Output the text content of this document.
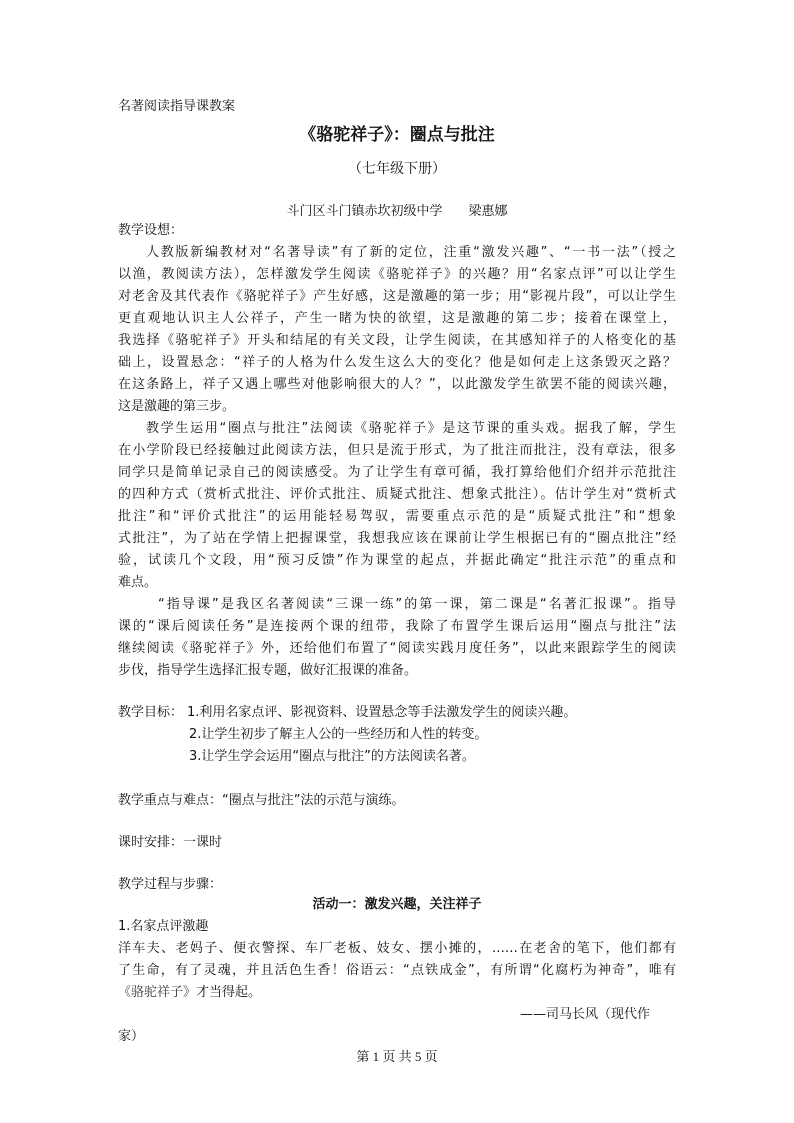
名著阅读指导课教案
《骆驼祥子》：圈点与批注
（七年级下册）
斗门区斗门镇赤坎初级中学　　梁惠娜
教学设想：
人教版新编教材对“名著导读”有了新的定位，注重“激发兴趣”、“一书一法”（授之
以渔，教阅读方法），怎样激发学生阅读《骆驼祥子》的兴趣？用“名家点评”可以让学生
对老舍及其代表作《骆驼祥子》产生好感，这是激趣的第一步；用“影视片段”，可以让学生
更直观地认识主人公祥子，产生一睹为快的欲望，这是激趣的第二步；接着在课堂上，
我选择《骆驼祥子》开头和结尾的有关文段，让学生阅读，在其感知祥子的人格变化的基
础上，设置悬念：“祥子的人格为什么发生这么大的变化？他是如何走上这条毁灭之路？
在这条路上，祥子又遇上哪些对他影响很大的人？”，以此激发学生欲罢不能的阅读兴趣，
这是激趣的第三步。
教学生运用“圈点与批注”法阅读《骆驼祥子》是这节课的重头戏。据我了解，学生
在小学阶段已经接触过此阅读方法，但只是流于形式，为了批注而批注，没有章法，很多
同学只是简单记录自己的阅读感受。为了让学生有章可循，我打算给他们介绍并示范批注
的四种方式（赏析式批注、评价式批注、质疑式批注、想象式批注）。估计学生对“赏析式
批注”和“评价式批注”的运用能轻易驾驭，需要重点示范的是“质疑式批注”和“想象
式批注”，为了站在学情上把握课堂，我想我应该在课前让学生根据已有的“圈点批注”经
验，试读几个文段，用“预习反馈”作为课堂的起点，并据此确定“批注示范”的重点和
难点。
“指导课”是我区名著阅读“三课一练”的第一课，第二课是“名著汇报课”。指导
课的“课后阅读任务”是连接两个课的纽带，我除了布置学生课后运用“圈点与批注”法
继续阅读《骆驼祥子》外，还给他们布置了“阅读实践月度任务”，以此来跟踪学生的阅读
步伐，指导学生选择汇报专题，做好汇报课的准备。
教学目标： 1.利用名家点评、影视资料、设置悬念等手法激发学生的阅读兴趣。
2.让学生初步了解主人公的一些经历和人性的转变。
3.让学生学会运用“圈点与批注”的方法阅读名著。
教学重点与难点：“圈点与批注”法的示范与演练。
课时安排：一课时
教学过程与步骤：
活动一：激发兴趣，关注祥子
1.名家点评激趣
洋车夫、老妈子、便衣警探、车厂老板、妓女、摆小摊的，……在老舍的笔下，他们都有
了生命，有了灵魂，并且活色生香！俗语云：“点铁成金”，有所谓“化腐朽为神奇”，唯有
《骆驼祥子》才当得起。
——司马长风（现代作
家）
第 1 页 共 5 页
